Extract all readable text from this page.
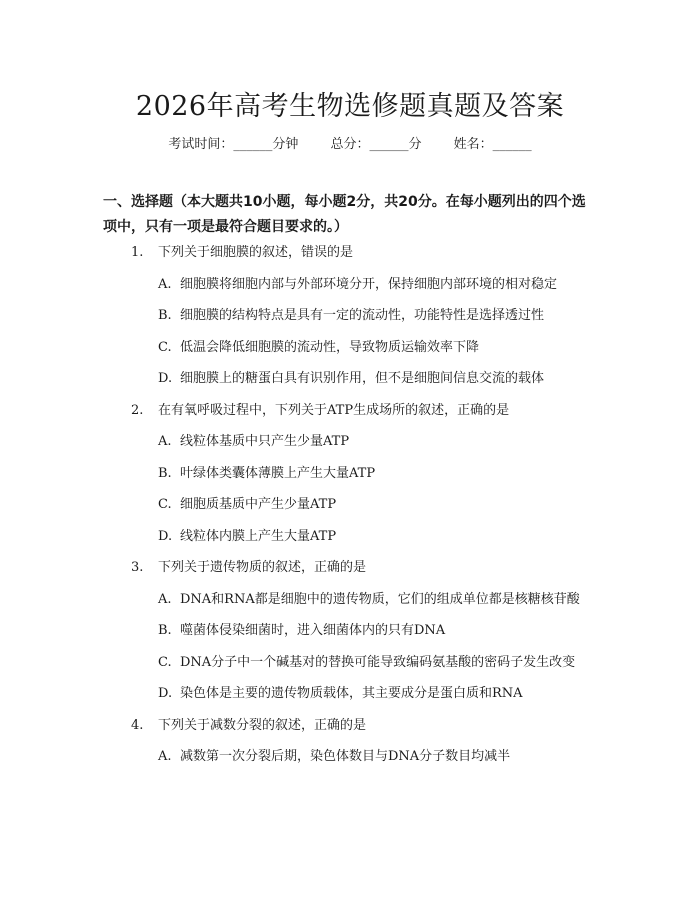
2026年高考生物选修题真题及答案
考试时间：______分钟 总分：______分 姓名：______
一、选择题（本大题共10小题，每小题2分，共20分。在每小题列出的四个选
项中，只有一项是最符合题目要求的。）
1. 下列关于细胞膜的叙述，错误的是
A. 细胞膜将细胞内部与外部环境分开，保持细胞内部环境的相对稳定
B. 细胞膜的结构特点是具有一定的流动性，功能特性是选择透过性
C. 低温会降低细胞膜的流动性，导致物质运输效率下降
D. 细胞膜上的糖蛋白具有识别作用，但不是细胞间信息交流的载体
2. 在有氧呼吸过程中，下列关于ATP生成场所的叙述，正确的是
A. 线粒体基质中只产生少量ATP
B. 叶绿体类囊体薄膜上产生大量ATP
C. 细胞质基质中产生少量ATP
D. 线粒体内膜上产生大量ATP
3. 下列关于遗传物质的叙述，正确的是
A. DNA和RNA都是细胞中的遗传物质，它们的组成单位都是核糖核苷酸
B. 噬菌体侵染细菌时，进入细菌体内的只有DNA
C. DNA分子中一个碱基对的替换可能导致编码氨基酸的密码子发生改变
D. 染色体是主要的遗传物质载体，其主要成分是蛋白质和RNA
4. 下列关于减数分裂的叙述，正确的是
A. 减数第一次分裂后期，染色体数目与DNA分子数目均减半
